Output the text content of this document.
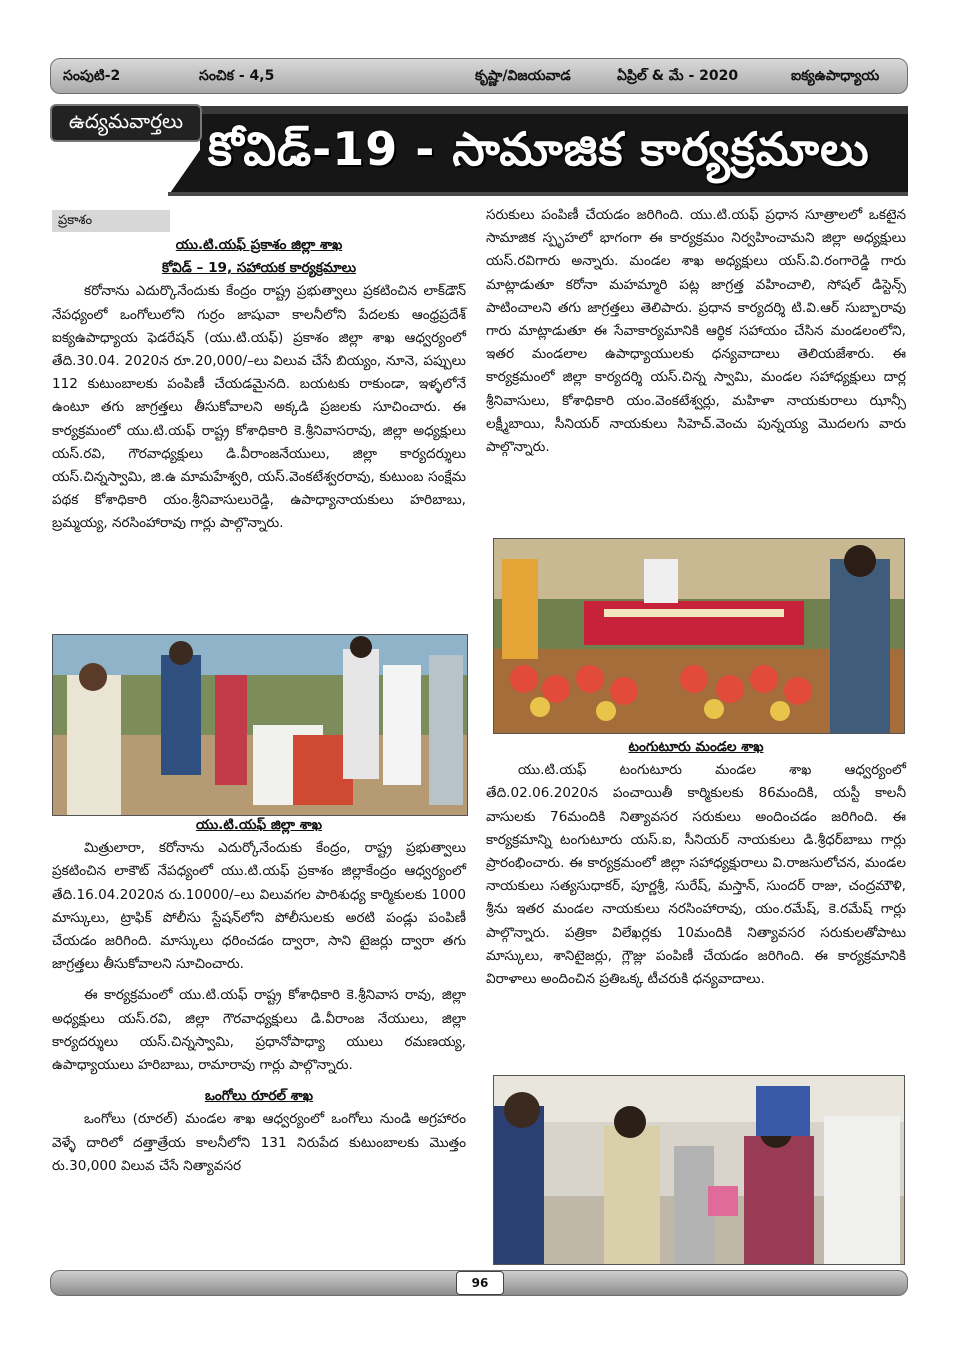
సంపుటి-2	సంచిక - 4,5	కృష్ణా/విజయవాడ	ఏప్రిల్ & మే - 2020	ఐక్యఉపాధ్యాయ
ఉద్యమవార్తలు
కోవిడ్-19 - సామాజిక కార్యక్రమాలు
ప్రకాశం
యు.టి.యఫ్ ప్రకాశం జిల్లా శాఖ
కోవిడ్ – 19, సహాయక కార్యక్రమాలు

కరోనాను ఎదుర్కొనేందుకు కేంద్రం రాష్ట్ర ప్రభుత్వాలు ప్రకటించిన లాక్‌డౌన్ నేపధ్యంలో ఒంగోలులోని గుర్రం జాషువా కాలనీలోని పేదలకు ఆంధ్రప్రదేశ్ ఐక్యఉపాధ్యాయ ఫెడరేషన్ (యు.టి.యఫ్) ప్రకాశం జిల్లా శాఖ ఆధ్వర్యంలో తేది.30.04. 2020న రూ.20,000/–లు విలువ చేసే బియ్యం, నూనె, పప్పులు 112 కుటుంబాలకు పంపిణీ చేయడమైనది. బయటకు రాకుండా, ఇళ్ళలోనే ఉంటూ తగు జాగ్రత్తలు తీసుకోవాలని అక్కడి ప్రజలకు సూచించారు. ఈ కార్యక్రమంలో యు.టి.యఫ్ రాష్ట్ర కోశాధికారి కె.శ్రీనివాసరావు, జిల్లా అధ్యక్షులు యస్.రవి, గౌరవాధ్యక్షులు డి.వీరాంజనేయులు, జిల్లా కార్యదర్శులు యస్.చిన్నస్వామి, జి.ఉ మామహేశ్వరి, యస్.వెంకటేశ్వరరావు, కుటుంబ సంక్షేమ పథక కోశాధికారి యం.శ్రీనివాసులురెడ్డి, ఉపాధ్యానాయకులు హరిబాబు, బ్రమ్మయ్య, నరసింహారావు గార్లు పాల్గొన్నారు.

యు.టి.యఫ్ జిల్లా శాఖ

మిత్రులారా, కరోనాను ఎదుర్కోనేందుకు కేంద్రం, రాష్ట్ర ప్రభుత్వాలు ప్రకటించిన లాకౌట్ నేపధ్యంలో యు.టి.యఫ్ ప్రకాశం జిల్లాకేంద్రం ఆధ్వర్యంలో తేది.16.04.2020న రు.10000/–లు విలువగల పారిశుధ్య కార్మికులకు 1000 మాస్కులు, ట్రాఫిక్ పోలీసు స్టేషన్‌లోని పోలీసులకు అరటి పండ్లు పంపిణీ చేయడం జరిగింది. మాస్కులు ధరించడం ద్వారా, సాని టైజర్లు ద్వారా తగు జాగ్రత్తలు తీసుకోవాలని సూచించారు.

ఈ కార్యక్రమంలో యు.టి.యఫ్ రాష్ట్ర కోశాధికారి కె.శ్రీనివాస రావు, జిల్లా అధ్యక్షులు యస్.రవి, జిల్లా గౌరవాధ్యక్షులు డి.వీరాంజ నేయులు, జిల్లా కార్యదర్శులు యస్.చిన్నస్వామి, ప్రధానోపాధ్యా యులు రమణయ్య, ఉపాధ్యాయులు హరిబాబు, రామారావు గార్లు పాల్గొన్నారు.

ఒంగోలు రూరల్ శాఖ

ఒంగోలు (రూరల్) మండల శాఖ ఆధ్వర్యంలో ఒంగోలు నుండి అగ్రహారం వెళ్ళే దారిలో దత్తాత్రేయ కాలనీలోని 131 నిరుపేద కుటుంబాలకు మొత్తం రు.30,000 విలువ చేసే నిత్యావసర

సరుకులు పంపిణీ చేయడం జరిగింది. యు.టి.యఫ్ ప్రధాన సూత్రాలలో ఒకటైన సామాజిక స్పృహలో భాగంగా ఈ కార్యక్రమం నిర్వహించామని జిల్లా అధ్యక్షులు యస్.రవిగారు అన్నారు. మండల శాఖ అధ్యక్షులు యస్.వి.రంగారెడ్డి గారు మాట్లాడుతూ కరోనా మహమ్మారి పట్ల జాగ్రత్త వహించాలి, సోషల్ డిస్టెన్స్ పాటించాలని తగు జాగ్రత్తలు తెలిపారు. ప్రధాన కార్యదర్శి టి.వి.ఆర్ సుబ్బారావు గారు మాట్లాడుతూ ఈ సేవాకార్యమానికి ఆర్థిక సహాయం చేసిన మండలంలోని, ఇతర మండలాల ఉపాధ్యాయులకు ధన్యవాదాలు తెలియజేశారు. ఈ కార్యక్రమంలో జిల్లా కార్యదర్శి యస్.చిన్న స్వామి, మండల సహాధ్యక్షులు దార్ల శ్రీనివాసులు, కోశాధికారి యం.వెంకటేశ్వర్లు, మహిళా నాయకురాలు ఝాన్సీ లక్ష్మీబాయి, సీనియర్ నాయకులు సిహెచ్.వెంచు పున్నయ్య మొదలగు వారు పాల్గొన్నారు.

టంగుటూరు మండల శాఖ

యు.టి.యఫ్ టంగుటూరు మండల శాఖ ఆధ్వర్యంలో తేది.02.06.2020న పంచాయితీ కార్మికులకు 86మందికి, యస్టీ కాలనీ వాసులకు 76మందికి నిత్యావసర సరుకులు అందించడం జరిగింది. ఈ కార్యక్రమాన్ని టంగుటూరు యస్.ఐ, సీనియర్ నాయకులు డి.శ్రీధర్‌బాబు గార్లు ప్రారంభించారు. ఈ కార్యక్రమంలో జిల్లా సహాధ్యక్షురాలు వి.రాజసులోచన, మండల నాయకులు సత్యసుధాకర్, పూర్ణశ్రీ, సురేష్, మస్తాన్, సుందర్ రాజు, చంద్రమౌళి, శ్రీను ఇతర మండల నాయకులు నరసింహారావు, యం.రమేష్, కె.రమేష్ గార్లు పాల్గొన్నారు. పత్రికా విలేఖర్లకు 10మందికి నిత్యావసర సరుకులతోపాటు మాస్కులు, శానిటైజర్లు, గ్లౌజ్లు పంపిణీ చేయడం జరిగింది. ఈ కార్యక్రమానికి విరాళాలు అందించిన ప్రతిఒక్క టీచరుకి ధన్యవాదాలు.

96
